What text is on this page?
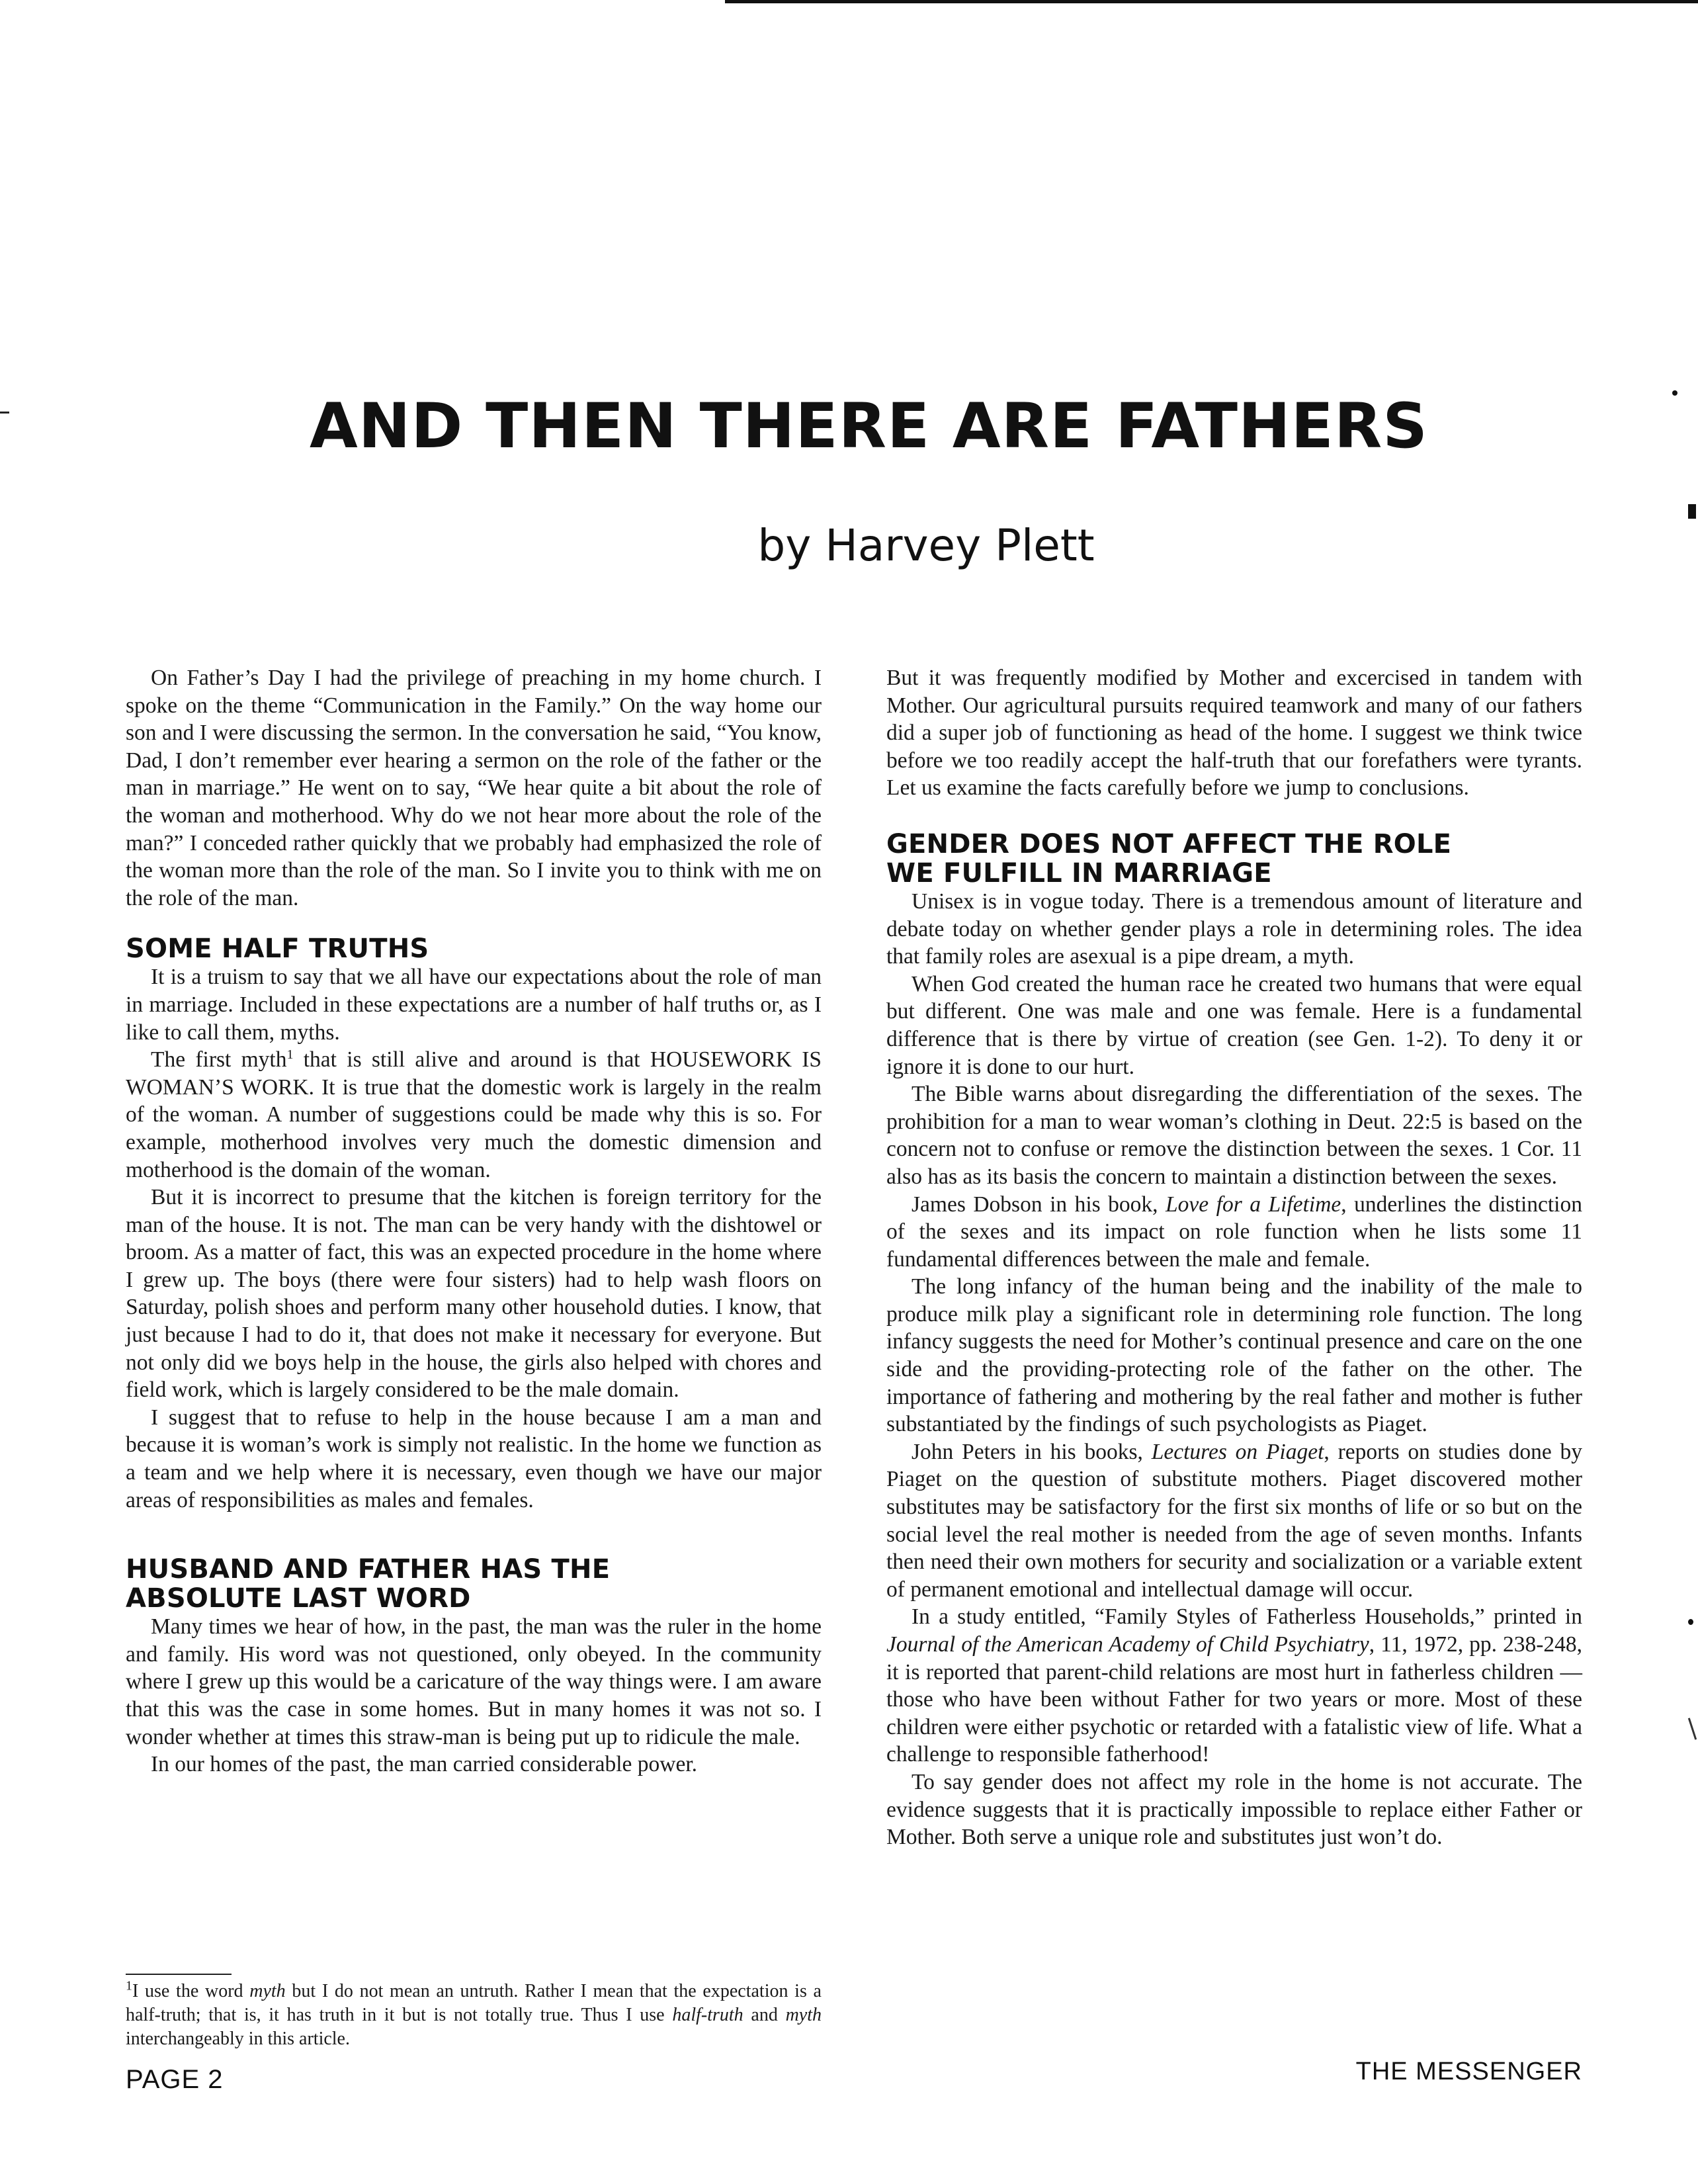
AND THEN THERE ARE FATHERS

by Harvey Plett

On Father’s Day I had the privilege of preaching in my home church. I spoke on the theme “Communication in the Family.” On the way home our son and I were discussing the sermon. In the conversation he said, “You know, Dad, I don’t remember ever hearing a sermon on the role of the father or the man in marriage.” He went on to say, “We hear quite a bit about the role of the woman and motherhood. Why do we not hear more about the role of the man?” I conceded rather quickly that we probably had emphasized the role of the woman more than the role of the man. So I invite you to think with me on the role of the man.

SOME HALF TRUTHS

It is a truism to say that we all have our expectations about the role of man in marriage. Included in these expectations are a number of half truths or, as I like to call them, myths.

The first myth$^1$ that is still alive and around is that HOUSEWORK IS WOMAN’S WORK. It is true that the domestic work is largely in the realm of the woman. A number of suggestions could be made why this is so. For example, motherhood involves very much the domestic dimension and motherhood is the domain of the woman.

But it is incorrect to presume that the kitchen is foreign territory for the man of the house. It is not. The man can be very handy with the dishtowel or broom. As a matter of fact, this was an expected procedure in the home where I grew up. The boys (there were four sisters) had to help wash floors on Saturday, polish shoes and perform many other household duties. I know, that just because I had to do it, that does not make it necessary for everyone. But not only did we boys help in the house, the girls also helped with chores and field work, which is largely considered to be the male domain.

I suggest that to refuse to help in the house because I am a man and because it is woman’s work is simply not realistic. In the home we function as a team and we help where it is necessary, even though we have our major areas of responsibilities as males and females.

HUSBAND AND FATHER HAS THE
ABSOLUTE LAST WORD

Many times we hear of how, in the past, the man was the ruler in the home and family. His word was not questioned, only obeyed. In the community where I grew up this would be a caricature of the way things were. I am aware that this was the case in some homes. But in many homes it was not so. I wonder whether at times this straw-man is being put up to ridicule the male.

In our homes of the past, the man carried considerable power.

But it was frequently modified by Mother and excercised in tandem with Mother. Our agricultural pursuits required teamwork and many of our fathers did a super job of functioning as head of the home. I suggest we think twice before we too readily accept the half-truth that our forefathers were tyrants. Let us examine the facts carefully before we jump to conclusions.

GENDER DOES NOT AFFECT THE ROLE
WE FULFILL IN MARRIAGE

Unisex is in vogue today. There is a tremendous amount of literature and debate today on whether gender plays a role in determining roles. The idea that family roles are asexual is a pipe dream, a myth.

When God created the human race he created two humans that were equal but different. One was male and one was female. Here is a fundamental difference that is there by virtue of creation (see Gen. 1-2). To deny it or ignore it is done to our hurt.

The Bible warns about disregarding the differentiation of the sexes. The prohibition for a man to wear woman’s clothing in Deut. 22:5 is based on the concern not to confuse or remove the distinction between the sexes. 1 Cor. 11 also has as its basis the concern to maintain a distinction between the sexes.

James Dobson in his book, Love for a Lifetime, underlines the distinction of the sexes and its impact on role function when he lists some 11 fundamental differences between the male and female.

The long infancy of the human being and the inability of the male to produce milk play a significant role in determining role function. The long infancy suggests the need for Mother’s continual presence and care on the one side and the providing-protecting role of the father on the other. The importance of fathering and mothering by the real father and mother is futher substantiated by the findings of such psychologists as Piaget.

John Peters in his books, Lectures on Piaget, reports on studies done by Piaget on the question of substitute mothers. Piaget discovered mother substitutes may be satisfactory for the first six months of life or so but on the social level the real mother is needed from the age of seven months. Infants then need their own mothers for security and socialization or a variable extent of permanent emotional and intellectual damage will occur.

In a study entitled, “Family Styles of Fatherless Households,” printed in Journal of the American Academy of Child Psychiatry, 11, 1972, pp. 238-248, it is reported that parent-child relations are most hurt in fatherless children — those who have been without Father for two years or more. Most of these children were either psychotic or retarded with a fatalistic view of life. What a challenge to responsible fatherhood!

To say gender does not affect my role in the home is not accurate. The evidence suggests that it is practically impossible to replace either Father or Mother. Both serve a unique role and substitutes just won’t do.

$^1$I use the word myth but I do not mean an untruth. Rather I mean that the expectation is a half-truth; that is, it has truth in it but is not totally true. Thus I use half-truth and myth interchangeably in this article.

PAGE 2	THE MESSENGER
